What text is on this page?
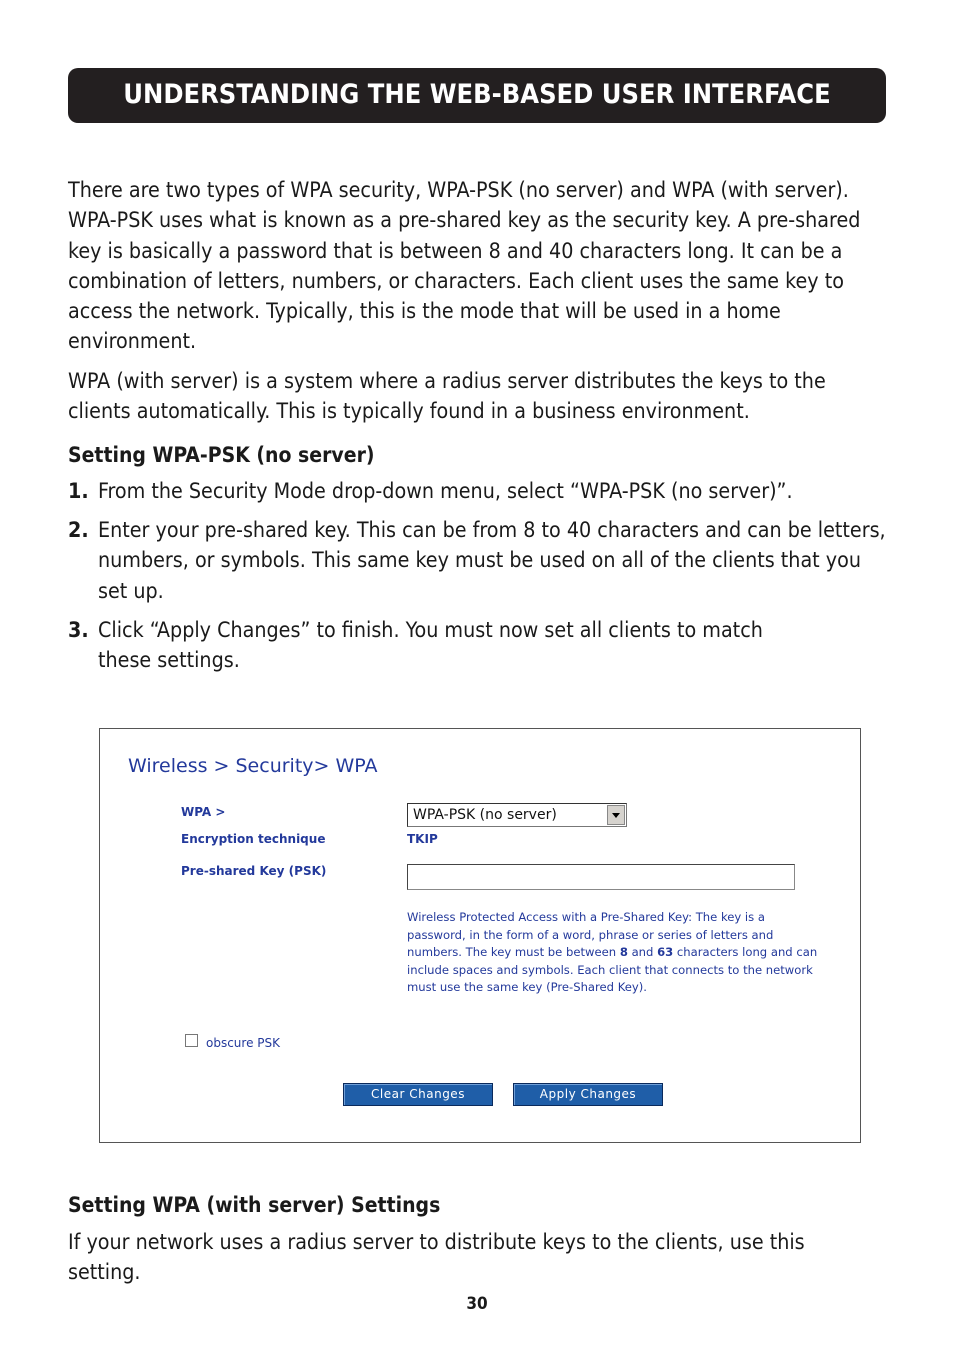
UNDERSTANDING THE WEB-BASED USER INTERFACE

There are two types of WPA security, WPA-PSK (no server) and WPA (with server). WPA-PSK uses what is known as a pre-shared key as the security key. A pre-shared key is basically a password that is between 8 and 40 characters long. It can be a combination of letters, numbers, or characters. Each client uses the same key to access the network. Typically, this is the mode that will be used in a home environment.

WPA (with server) is a system where a radius server distributes the keys to the clients automatically. This is typically found in a business environment.

Setting WPA-PSK (no server)

1. From the Security Mode drop-down menu, select “WPA-PSK (no server)”.

2. Enter your pre-shared key. This can be from 8 to 40 characters and can be letters, numbers, or symbols. This same key must be used on all of the clients that you set up.

3. Click “Apply Changes” to finish. You must now set all clients to match these settings.

Wireless > Security> WPA
WPA >	WPA-PSK (no server)
Encryption technique	TKIP
Pre-shared Key (PSK)

Wireless Protected Access with a Pre-Shared Key: The key is a password, in the form of a word, phrase or series of letters and numbers. The key must be between 8 and 63 characters long and can include spaces and symbols. Each client that connects to the network must use the same key (Pre-Shared Key).

obscure PSK
Clear Changes	Apply Changes

Setting WPA (with server) Settings

If your network uses a radius server to distribute keys to the clients, use this setting.

30
